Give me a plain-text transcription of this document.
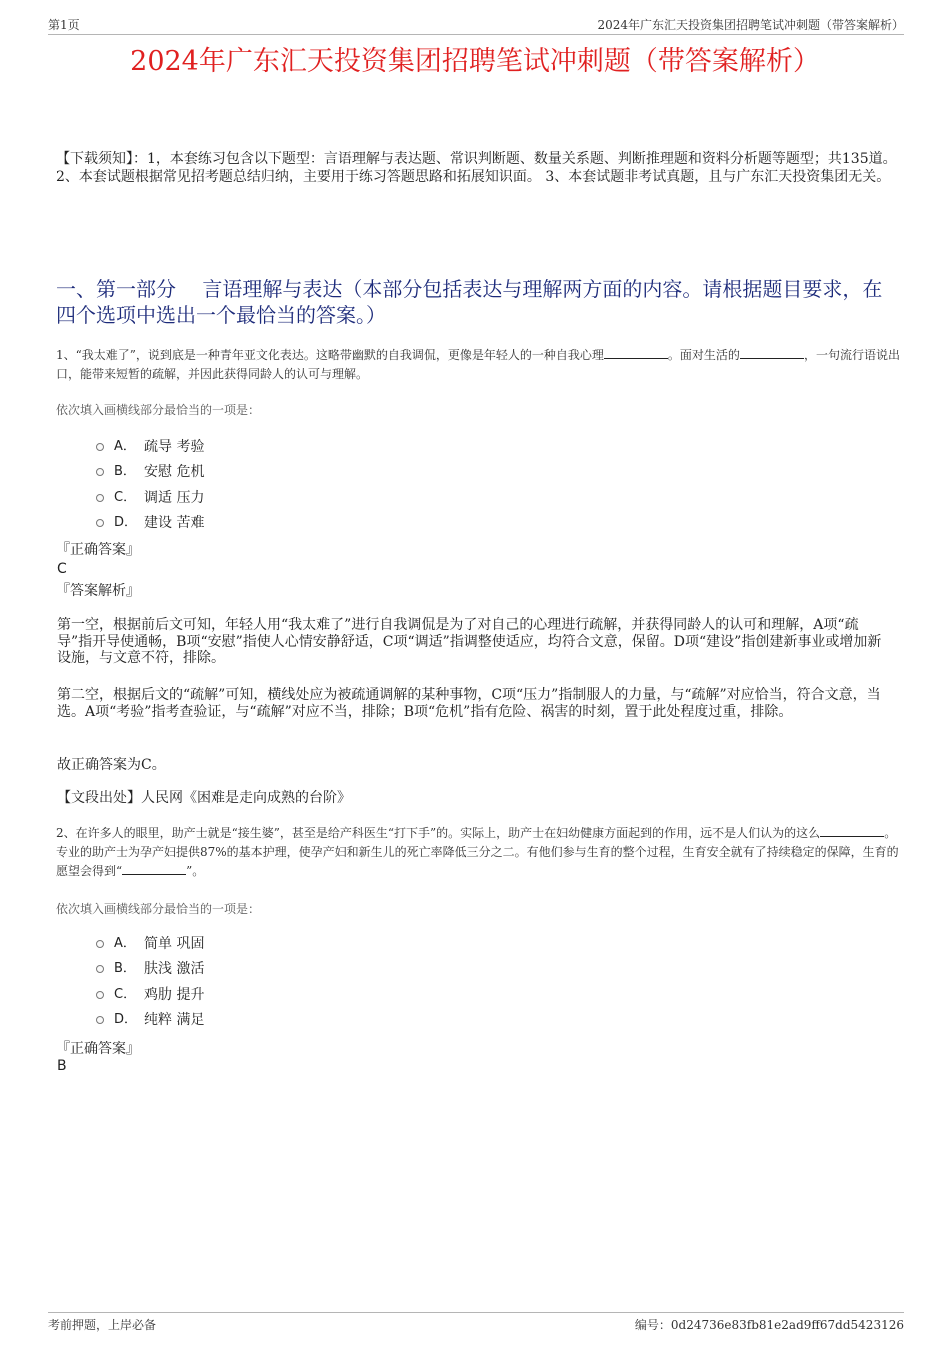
第1页	2024年广东汇天投资集团招聘笔试冲刺题（带答案解析）
2024年广东汇天投资集团招聘笔试冲刺题（带答案解析）
【下载须知】：1，本套练习包含以下题型：言语理解与表达题、常识判断题、数量关系题、判断推理题和资料分析题等题型；共135道。 2、本套试题根据常见招考题总结归纳，主要用于练习答题思路和拓展知识面。 3、本套试题非考试真题，且与广东汇天投资集团无关。
一、第一部分　 言语理解与表达（本部分包括表达与理解两方面的内容。请根据题目要求，在四个选项中选出一个最恰当的答案。）
1、“我太难了”，说到底是一种青年亚文化表达。这略带幽默的自我调侃，更像是年轻人的一种自我心理	。面对生活的	，一句流行语说出口，能带来短暂的疏解，并因此获得同龄人的认可与理解。
依次填入画横线部分最恰当的一项是：
A． 疏导 考验
B． 安慰 危机
C． 调适 压力
D． 建设 苦难
『正确答案』
C
『答案解析』
第一空，根据前后文可知，年轻人用“我太难了”进行自我调侃是为了对自己的心理进行疏解，并获得同龄人的认可和理解，A项“疏导”指开导使通畅，B项“安慰”指使人心情安静舒适，C项“调适”指调整使适应，均符合文意，保留。D项“建设”指创建新事业或增加新设施，与文意不符，排除。
第二空，根据后文的“疏解”可知，横线处应为被疏通调解的某种事物，C项“压力”指制服人的力量，与“疏解”对应恰当，符合文意，当选。A项“考验”指考查验证，与“疏解”对应不当，排除；B项“危机”指有危险、祸害的时刻，置于此处程度过重，排除。
故正确答案为C。
【文段出处】人民网《困难是走向成熟的台阶》
2、在许多人的眼里，助产士就是“接生婆”，甚至是给产科医生“打下手”的。实际上，助产士在妇幼健康方面起到的作用，远不是人们认为的这么	。专业的助产士为孕产妇提供87%的基本护理，使孕产妇和新生儿的死亡率降低三分之二。有他们参与生育的整个过程，生育安全就有了持续稳定的保障，生育的愿望会得到“	”。
依次填入画横线部分最恰当的一项是：
A． 简单 巩固
B． 肤浅 激活
C． 鸡肋 提升
D． 纯粹 满足
『正确答案』
B
考前押题，上岸必备	编号：0d24736e83fb81e2ad9ff67dd5423126
